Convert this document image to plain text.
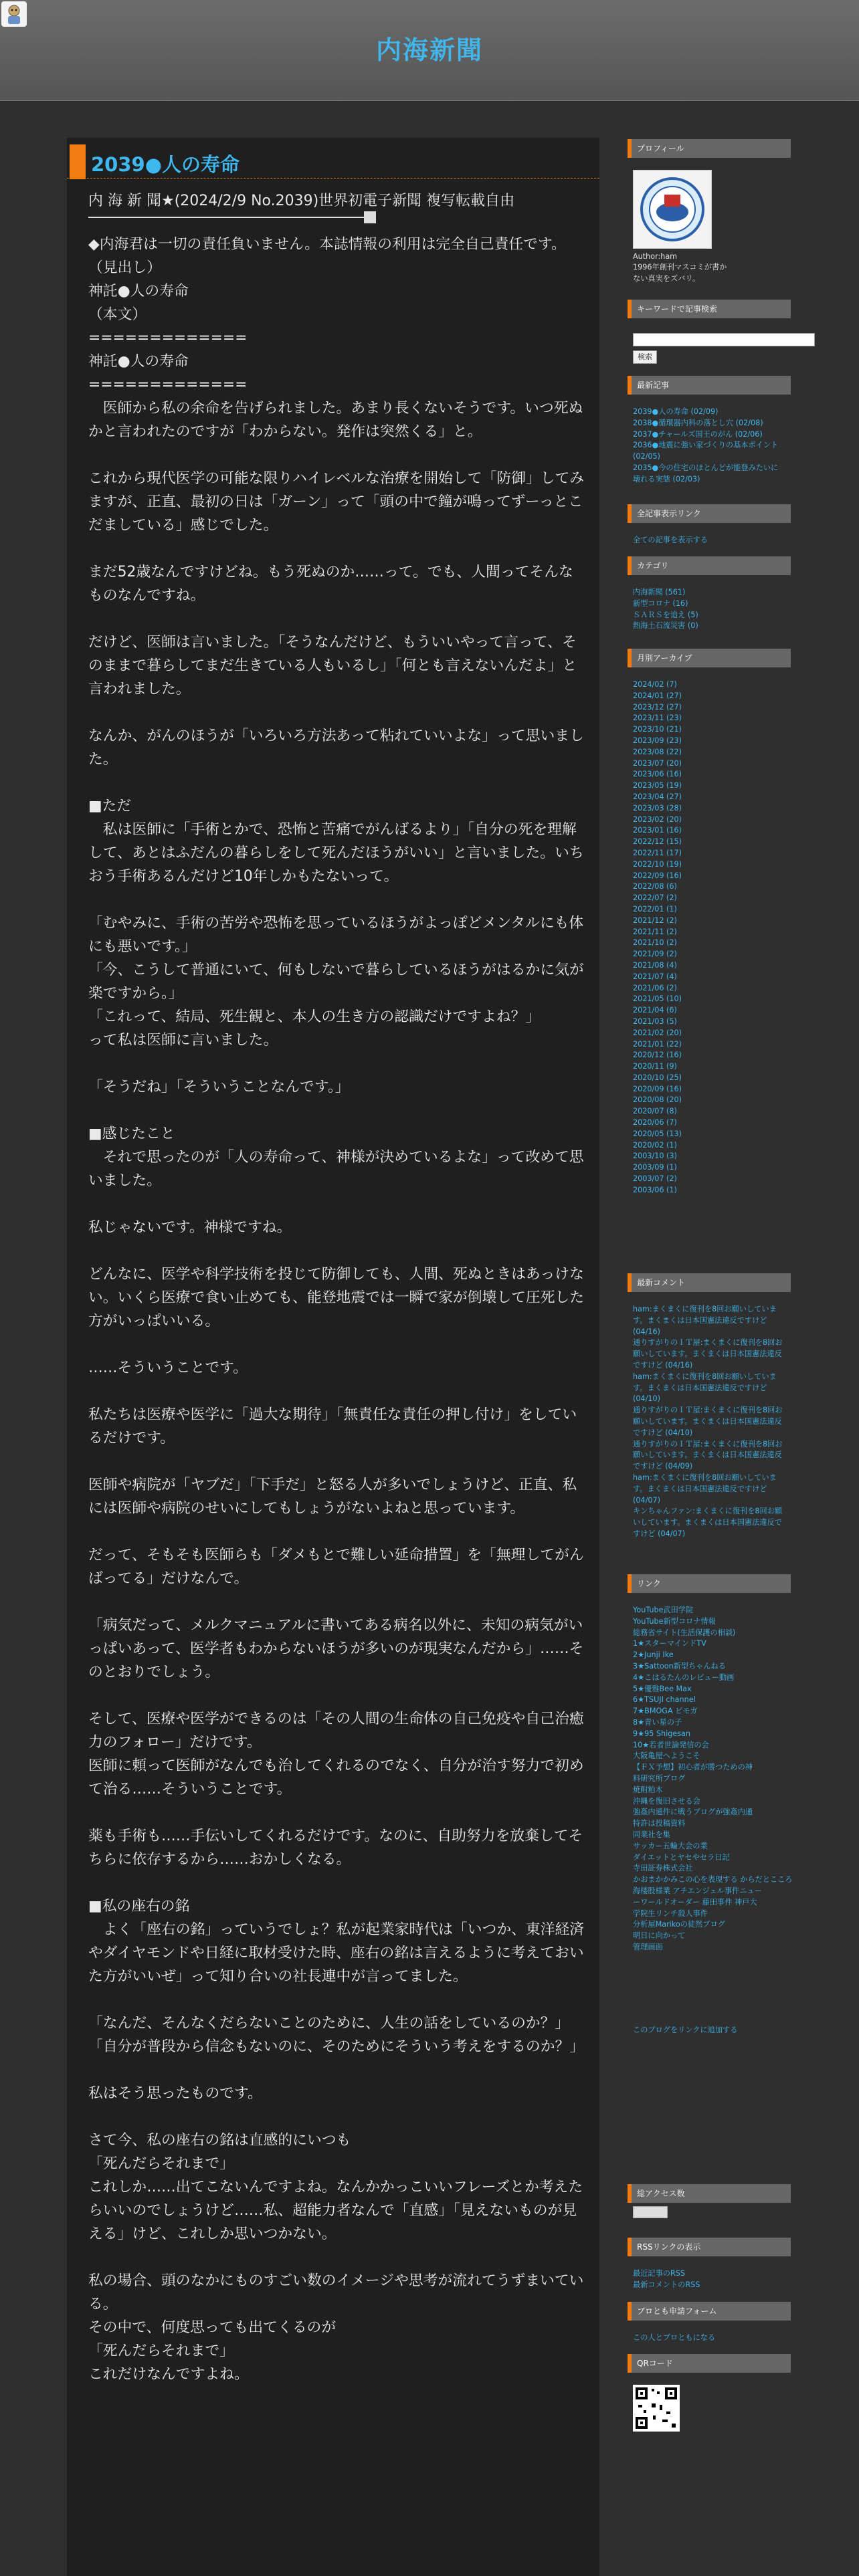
内海新聞
2039●人の寿命
内 海 新 聞★(2024/2/9 No.2039)世界初電子新聞 複写転載自由

◆内海君は一切の責任負いません。本誌情報の利用は完全自己責任です。

（見出し）

神託●人の寿命

（本文）

=============

神託●人の寿命

=============

　医師から私の余命を告げられました。あまり長くないそうです。いつ死ぬかと言われたのですが「わからない。発作は突然くる」と。

これから現代医学の可能な限りハイレベルな治療を開始して「防御」してみますが、正直、最初の日は「ガーン」って「頭の中で鐘が鳴ってずーっとこだましている」感じでした。

まだ52歳なんですけどね。もう死ぬのか……って。でも、人間ってそんなものなんですね。

だけど、医師は言いました。「そうなんだけど、もういいやって言って、そのままで暮らしてまだ生きている人もいるし」「何とも言えないんだよ」と言われました。

なんか、がんのほうが「いろいろ方法あって粘れていいよな」って思いました。

■ただ

　私は医師に「手術とかで、恐怖と苦痛でがんばるより」「自分の死を理解して、あとはふだんの暮らしをして死んだほうがいい」と言いました。いちおう手術あるんだけど10年しかもたないって。

「むやみに、手術の苦労や恐怖を思っているほうがよっぽどメンタルにも体にも悪いです。」

「今、こうして普通にいて、何もしないで暮らしているほうがはるかに気が楽ですから。」

「これって、結局、死生観と、本人の生き方の認識だけですよね？」

って私は医師に言いました。

「そうだね」「そういうことなんです。」

■感じたこと

　それで思ったのが「人の寿命って、神様が決めているよな」って改めて思いました。

私じゃないです。神様ですね。

どんなに、医学や科学技術を投じて防御しても、人間、死ぬときはあっけない。いくら医療で食い止めても、能登地震では一瞬で家が倒壊して圧死した方がいっぱいいる。

……そういうことです。

私たちは医療や医学に「過大な期待」「無責任な責任の押し付け」をしているだけです。

医師や病院が「ヤブだ」「下手だ」と怒る人が多いでしょうけど、正直、私には医師や病院のせいにしてもしょうがないよねと思っています。

だって、そもそも医師らも「ダメもとで難しい延命措置」を「無理してがんばってる」だけなんで。

「病気だって、メルクマニュアルに書いてある病名以外に、未知の病気がいっぱいあって、医学者もわからないほうが多いのが現実なんだから」……そのとおりでしょう。

そして、医療や医学ができるのは「その人間の生命体の自己免疫や自己治癒力のフォロー」だけです。

医師に頼って医師がなんでも治してくれるのでなく、自分が治す努力で初めて治る……そういうことです。

薬も手術も……手伝いしてくれるだけです。なのに、自助努力を放棄してそちらに依存するから……おかしくなる。

■私の座右の銘

　よく「座右の銘」っていうでしょ？私が起業家時代は「いつか、東洋経済やダイヤモンドや日経に取材受けた時、座右の銘は言えるように考えておいた方がいいぜ」って知り合いの社長連中が言ってました。

「なんだ、そんなくだらないことのために、人生の話をしているのか？」

「自分が普段から信念もないのに、そのためにそういう考えをするのか？」

私はそう思ったものです。

さて今、私の座右の銘は直感的にいつも

「死んだらそれまで」

これしか……出てこないんですよね。なんかかっこいいフレーズとか考えたらいいのでしょうけど……私、超能力者なんで「直感」「見えないものが見える」けど、これしか思いつかない。

私の場合、頭のなかにものすごい数のイメージや思考が流れてうずまいている。

その中で、何度思っても出てくるのが

「死んだらそれまで」

これだけなんですよね。

プロフィール
Author:ham
1996年創刊マスコミが書かない真実をズバリ。
キーワードで記事検索
検索
最新記事
2039●人の寿命 (02/09)
2038●循環器内科の落とし穴 (02/08)
2037●チャールズ国王のがん (02/06)
2036●地震に強い家づくりの基本ポイント (02/05)
2035●今の住宅のほとんどが能登みたいに壊れる実態 (02/03)
全記事表示リンク
全ての記事を表示する
カテゴリ
内海新聞 (561)
新型コロナ (16)
ＳＡＲＳを追え (5)
熱海土石流災害 (0)
月別アーカイブ
2024/02 (7)
2024/01 (27)
2023/12 (27)
2023/11 (23)
2023/10 (21)
2023/09 (23)
2023/08 (22)
2023/07 (20)
2023/06 (16)
2023/05 (19)
2023/04 (27)
2023/03 (28)
2023/02 (20)
2023/01 (16)
2022/12 (15)
2022/11 (17)
2022/10 (19)
2022/09 (16)
2022/08 (6)
2022/07 (2)
2022/01 (1)
2021/12 (2)
2021/11 (2)
2021/10 (2)
2021/09 (2)
2021/08 (4)
2021/07 (4)
2021/06 (2)
2021/05 (10)
2021/04 (6)
2021/03 (5)
2021/02 (20)
2021/01 (22)
2020/12 (16)
2020/11 (9)
2020/10 (25)
2020/09 (16)
2020/08 (20)
2020/07 (8)
2020/06 (7)
2020/05 (13)
2020/02 (1)
2003/10 (3)
2003/09 (1)
2003/07 (2)
2003/06 (1)
最新コメント
ham:まくまくに復刊を8回お願いしています。まくまくは日本国憲法違反ですけど (04/16)
通りすがりのＩＴ屋:まくまくに復刊を8回お願いしています。まくまくは日本国憲法違反ですけど (04/16)
ham:まくまくに復刊を8回お願いしています。まくまくは日本国憲法違反ですけど (04/10)
通りすがりのＩＴ屋:まくまくに復刊を8回お願いしています。まくまくは日本国憲法違反ですけど (04/10)
通りすがりのＩＴ屋:まくまくに復刊を8回お願いしています。まくまくは日本国憲法違反ですけど (04/09)
ham:まくまくに復刊を8回お願いしています。まくまくは日本国憲法違反ですけど (04/07)
キンちゃんファン:まくまくに復刊を8回お願いしています。まくまくは日本国憲法違反ですけど (04/07)
リンク
YouTube武田学院
YouTube新型コロナ情報
総務省サイト(生活保護の相談)
1★スターマインドTV
2★Junji Ike
3★Sattoon新型ちゃんねる
4★こはるたんのレビュー動画
5★優雅Bee Max
6★TSUJI channel
7★BMOGA ビモガ
8★青い星の子
9★95 Shigesan
10★若者世論発信の会
大阪亀屋へようこそ
【ＦＸ予想】初心者が勝つための神
料研究所ブログ
焼酎粕木
沖縄を復旧させる会
強姦内通件に戦うブログが強姦内通
特許は投稿資料
同業社を集
サッカー五輪大会の業
ダイエットとヤセやセラ日記
寺田証券株式会社
かおまかかみこの心を表現する からだとこころ
海楼股様業 アチエンジェル事件ニュー
ーワールドオーダー 藤田事件 神戸大
学院生リンチ殺人事件
分析屋Marikoの徒然ブログ
明日に向かって
管理画面
このブログをリンクに追加する
総アクセス数
RSSリンクの表示
最近記事のRSS
最新コメントのRSS
ブロとも申請フォーム
この人とブロともになる
QRコード
